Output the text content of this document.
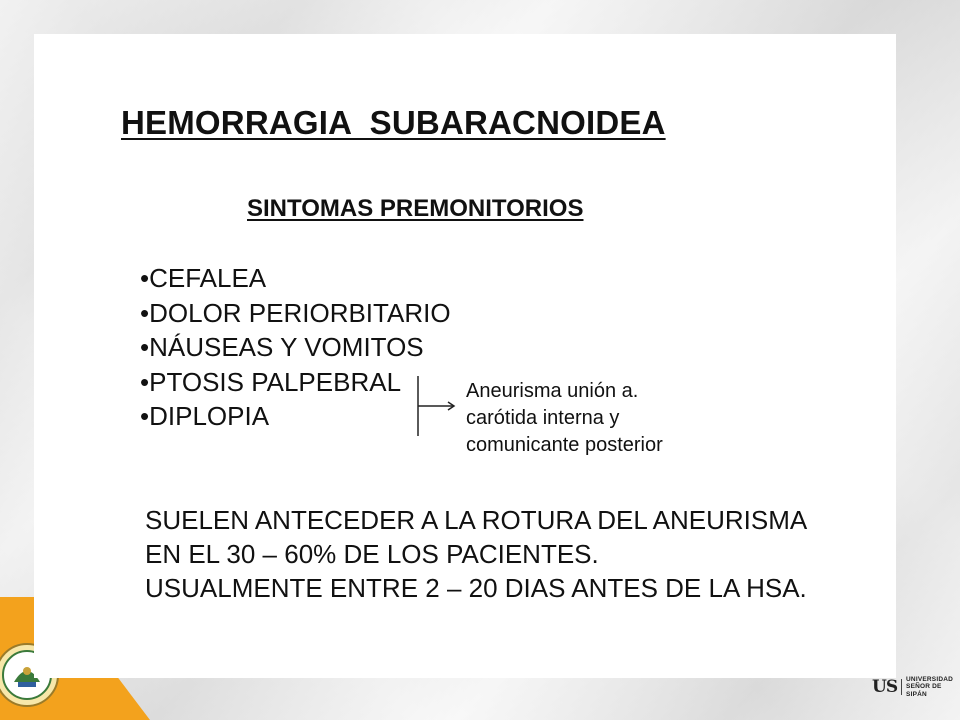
HEMORRAGIA  SUBARACNOIDEA
SINTOMAS PREMONITORIOS
•CEFALEA
•DOLOR PERIORBITARIO
•NÁUSEAS Y VOMITOS
•PTOSIS PALPEBRAL
•DIPLOPIA

Aneurisma unión a.
carótida interna y
comunicante posterior

SUELEN ANTECEDER A LA ROTURA DEL ANEURISMA
EN EL 30 – 60% DE LOS PACIENTES.
USUALMENTE ENTRE 2 – 20 DIAS ANTES DE LA HSA.

US UNIVERSIDAD
SEÑOR DE SIPÁN
